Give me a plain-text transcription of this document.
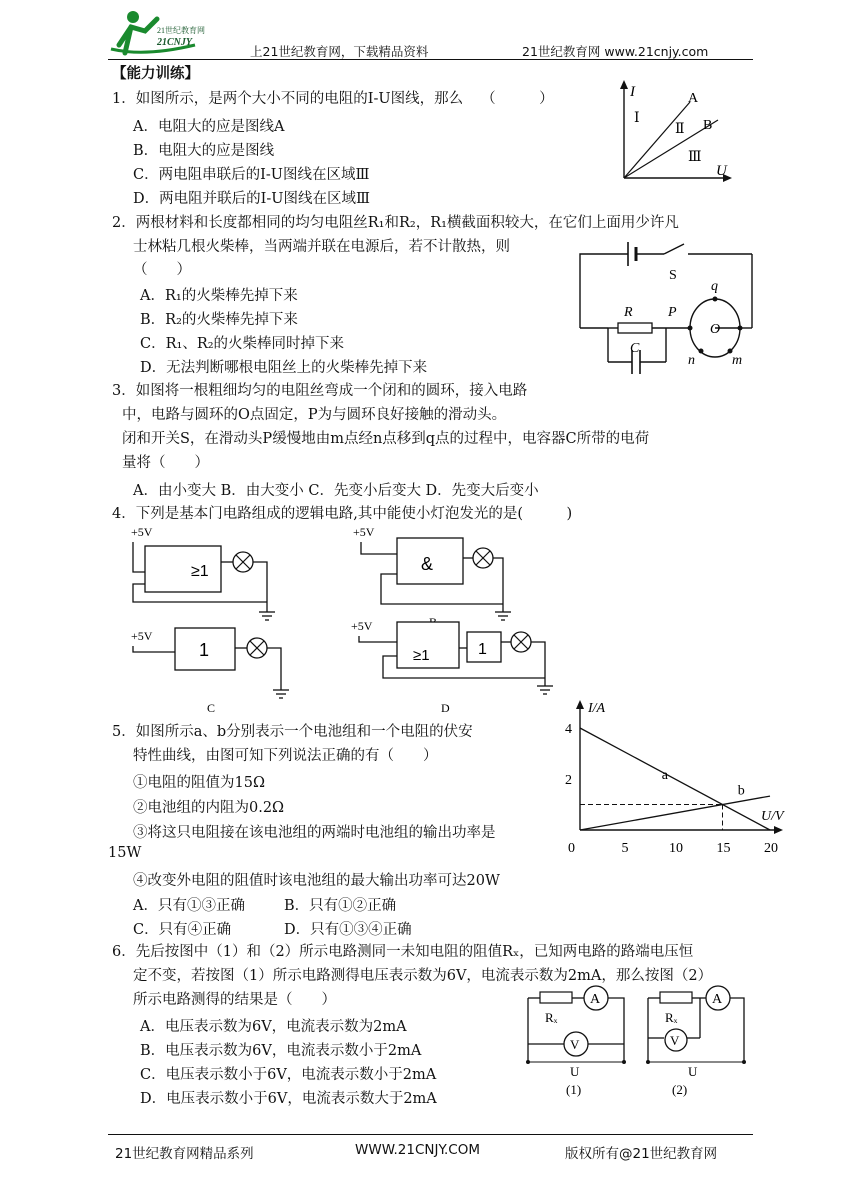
21世纪教育网
21CNJY
上21世纪教育网，下载精品资料	21世纪教育网 www.21cnjy.com
【能力训练】
1．如图所示，是两个大小不同的电阻的I-U图线，那么 （　　　）
A．电阻大的应是图线A
B．电阻大的应是图线
C．两电阻串联后的I-U图线在区域Ⅲ
D．两电阻并联后的I-U图线在区域Ⅲ
I
U
A
B
Ⅰ
Ⅱ
Ⅲ
2．两根材料和长度都相同的均匀电阻丝R₁和R₂，R₁横截面积较大，在它们上面用少许凡
士林粘几根火柴棒，当两端并联在电源后，若不计散热，则
（　　）
A．R₁的火柴棒先掉下来
B．R₂的火柴棒先掉下来
C．R₁、R₂的火柴棒同时掉下来
D．无法判断哪根电阻丝上的火柴棒先掉下来
S
R
C
P
O
q
n	m
3．如图将一根粗细均匀的电阻丝弯成一个闭和的圆环，接入电路
中，电路与圆环的O点固定，P为与圆环良好接触的滑动头。
闭和开关S，在滑动头P缓慢地由m点经n点移到q点的过程中，电容器C所带的电荷
量将（　　）
A．由小变大 B．由大变小 C．先变小后变大 D．先变大后变小
4．下列是基本门电路组成的逻辑电路,其中能使小灯泡发光的是(　　　)
+5V
≥1
+5V
&
+5V
1
C
+5V
≥1	1
D
5．如图所示a、b分别表示一个电池组和一个电阻的伏安
特性曲线，由图可知下列说法正确的有（　　）
①电阻的阻值为15Ω
②电池组的内阻为0.2Ω
③将这只电阻接在该电池组的两端时电池组的输出功率是
15W
④改变外电阻的阻值时该电池组的最大输出功率可达20W
A．只有①③正确	B．只有①②正确
C．只有④正确	D．只有①③④正确
I/A
U/V
0	5	10 15 20
2
4
a
b
6．先后按图中（1）和（2）所示电路测同一未知电阻的阻值Rₓ，已知两电路的路端电压恒
定不变，若按图（1）所示电路测得电压表示数为6V，电流表示数为2mA，那么按图（2）
所示电路测得的结果是（　　）
A．电压表示数为6V，电流表示数为2mA
B．电压表示数为6V，电流表示数小于2mA
C．电压表示数小于6V，电流表示数小于2mA
D．电压表示数小于6V，电流表示数大于2mA
A
Rₓ
V
U
(1)
A
Rₓ
V
U
(2)
21世纪教育网精品系列	WWW.21CNJY.COM	版权所有@21世纪教育网
